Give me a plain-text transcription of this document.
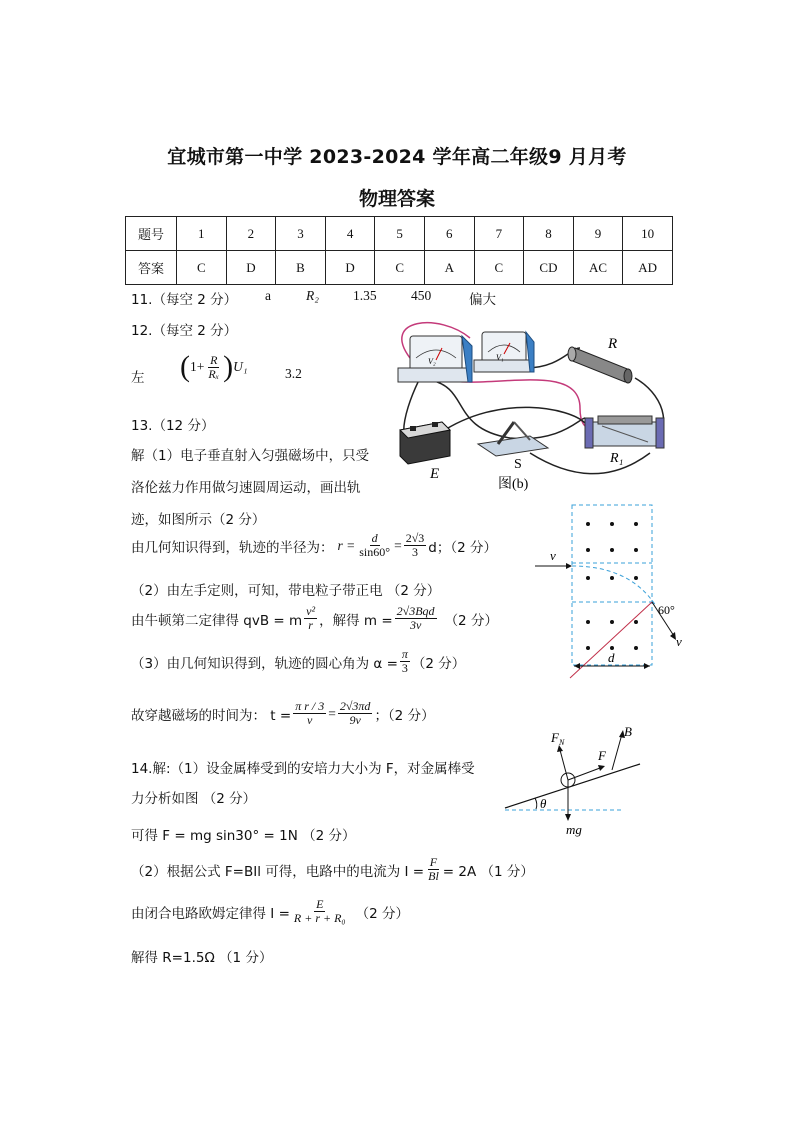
宜城市第一中学 2023-2024 学年高二年级9 月月考
物理答案
题号	1	2	3	4	5	6	7	8	9	10
答案	C	D	B	D	C	A	C	CD	AC	AD
11.（每空 2 分） a	R₂	1.35	450	偏大
12.（每空 2 分）
左 ( $1+ \frac{R}{\text{Rₓ}}$ ) U₁	3.2
13.（12 分）
解（1）电子垂直射入匀强磁场中，只受
洛伦兹力作用做匀速圆周运动，画出轨
迹，如图所示（2 分）
由几何知识得到，轨迹的半径为： $r = \frac{d}{\sin 60^\circ} = \frac{2√3}{3}$ d；（2 分）
（2）由左手定则，可知，带电粒子带正电 （2 分）
由牛顿第二定律得 qvB = m $\frac{\text{v²}}{r}$ ，解得 $m = \frac{\text{2√3Bqd}}{3v} (2$ 分）
（3）由几何知识得到，轨迹的圆心角为 $\alpha = \frac{\pi}{3} (2$ 分）
故穿越磁场的时间为： $t = \frac{\text{π r / 3}}{v} = \frac{2√3\pi d}{9v}$ ；（2 分）
14.解:（1）设金属棒受到的安培力大小为 F，对金属棒受
力分析如图 （2 分）
可得 F = mg sin30° = 1N （2 分）
（2）根据公式 F=BIl 可得，电路中的电流为 $I = \frac{F}{Bl} = 2A$ （1 分）
由闭合电路欧姆定律得 $I = \frac{E}{\text{R + r + R₀}} (2$ 分）
解得 R=1.5Ω （1 分）
V₂	V₁
R
R₁
E
S
图(b)
v
v
60°
d
θ
$F_N$
F
B
mg
